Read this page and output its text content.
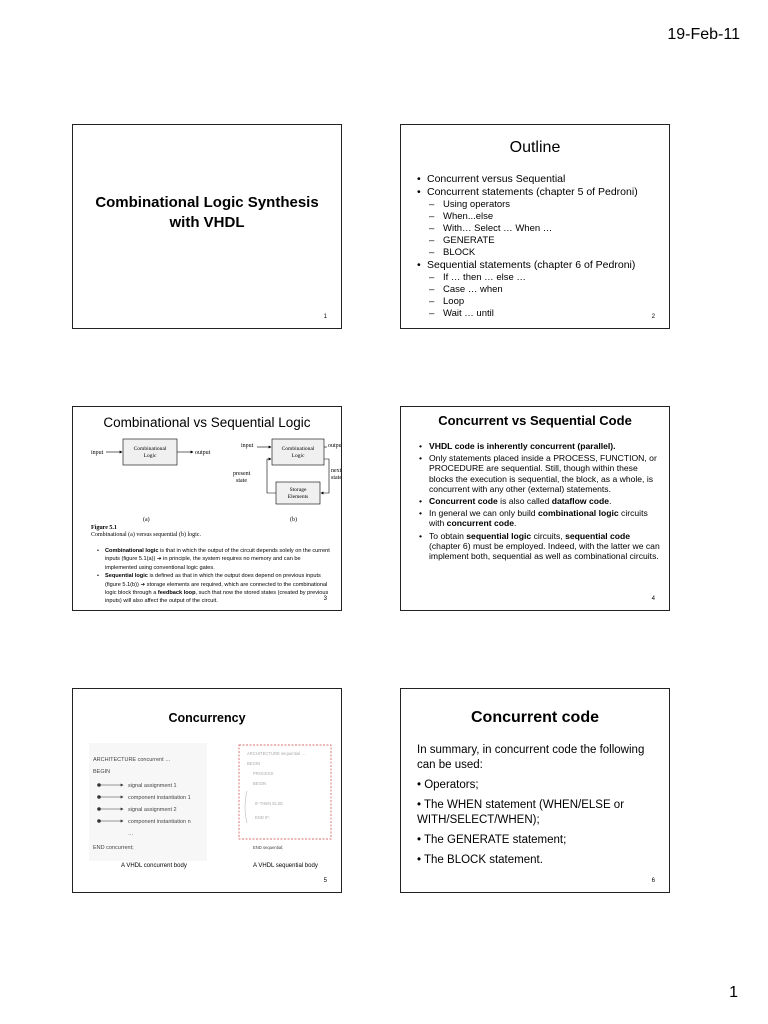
19-Feb-11
Combinational Logic Synthesis
with VHDL
1
Outline
• Concurrent versus Sequential
• Concurrent statements (chapter 5 of Pedroni)
– Using operators
– When...else
– With… Select … When …
– GENERATE
– BLOCK
• Sequential statements (chapter 6 of Pedroni)
– If … then … else …
– Case … when
– Loop
– Wait … until	2
Combinational vs Sequential Logic
input
Combinational
Logic	output
(a)
input	Combinational
Logic
output
Storage
Elements
present
state
next
state
(b)
Figure 5.1
Combinational (a) versus sequential (b) logic.
• Combinational logic is that in which the output of the circuit depends solely on the current inputs (figure 5.1(a)) ➔ in principle, the system requires no memory and can be implemented using conventional logic gates.
• Sequential logic is defined as that in which the output does depend on previous inputs (figure 5.1(b)) ➔ storage elements are required, which are connected to the combinational logic block through a feedback loop, such that now the stored states (created by previous inputs) will also affect the output of the circuit.	3
Concurrent vs Sequential Code
• VHDL code is inherently concurrent (parallel).
• Only statements placed inside a PROCESS, FUNCTION, or PROCEDURE are sequential. Still, though within these blocks the execution is sequential, the block, as a whole, is concurrent with any other (external) statements.
• Concurrent code is also called dataflow code.
• In general we can only build combinational logic circuits with concurrent code.
• To obtain sequential logic circuits, sequential code (chapter 6) must be employed. Indeed, with the latter we can implement both, sequential as well as combinational circuits.
4
Concurrency
ARCHITECTURE concurrent …
BEGIN
signal assignment 1
component instantiation 1
signal assignment 2
component instantiation n
…
END concurrent;
ARCHITECTURE sequential …
BEGIN
PROCESS
BEGIN
IF THEN ELSE
END IF;
END sequential;
A VHDL concurrent body	A VHDL sequential body
5
Concurrent code

In summary, in concurrent code the following can be used:

• Operators;

• The WHEN statement (WHEN/ELSE or WITH/SELECT/WHEN);

• The GENERATE statement;

• The BLOCK statement.

6
1
